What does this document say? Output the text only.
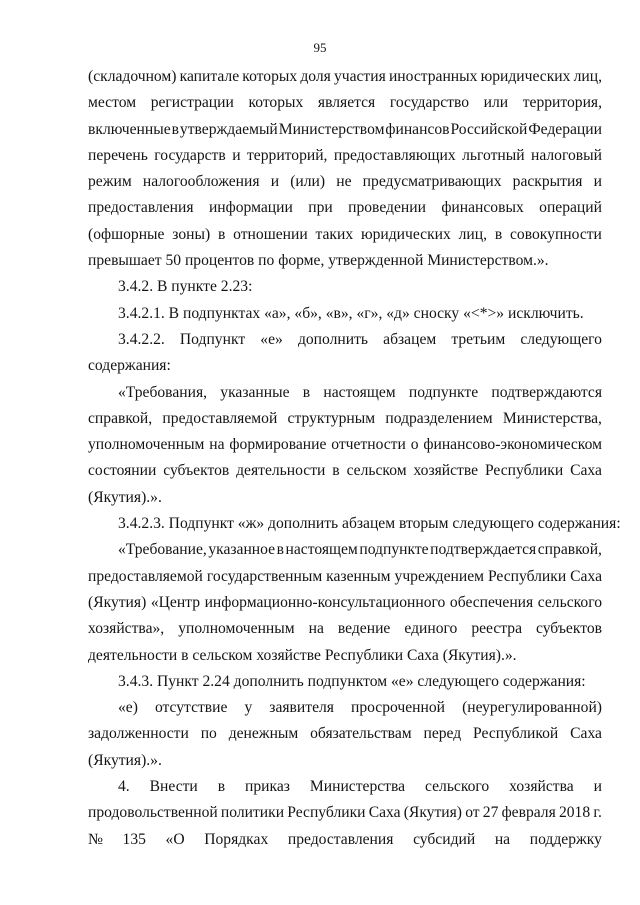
95
(складочном) капитале которых доля участия иностранных юридических лиц,
местом регистрации которых является государство или территория,
включенные в утверждаемый Министерством финансов Российской Федерации
перечень государств и территорий, предоставляющих льготный налоговый
режим налогообложения и (или) не предусматривающих раскрытия и
предоставления информации при проведении финансовых операций
(офшорные зоны) в отношении таких юридических лиц, в совокупности
превышает 50 процентов по форме, утвержденной Министерством.».
3.4.2. В пункте 2.23:
3.4.2.1. В подпунктах «а», «б», «в», «г», «д» сноску «<*>» исключить.
3.4.2.2. Подпункт «е» дополнить абзацем третьим следующего
содержания:
«Требования, указанные в настоящем подпункте подтверждаются
справкой, предоставляемой структурным подразделением Министерства,
уполномоченным на формирование отчетности о финансово-экономическом
состоянии субъектов деятельности в сельском хозяйстве Республики Саха
(Якутия).».
3.4.2.3. Подпункт «ж» дополнить абзацем вторым следующего содержания:
«Требование, указанное в настоящем подпункте подтверждается справкой,
предоставляемой государственным казенным учреждением Республики Саха
(Якутия) «Центр информационно-консультационного обеспечения сельского
хозяйства», уполномоченным на ведение единого реестра субъектов
деятельности в сельском хозяйстве Республики Саха (Якутия).».
3.4.3. Пункт 2.24 дополнить подпунктом «е» следующего содержания:
«е) отсутствие у заявителя просроченной (неурегулированной)
задолженности по денежным обязательствам перед Республикой Саха
(Якутия).».
4. Внести в приказ Министерства сельского хозяйства и
продовольственной политики Республики Саха (Якутия) от 27 февраля 2018 г.
№ 135 «О Порядках предоставления субсидий на поддержку
